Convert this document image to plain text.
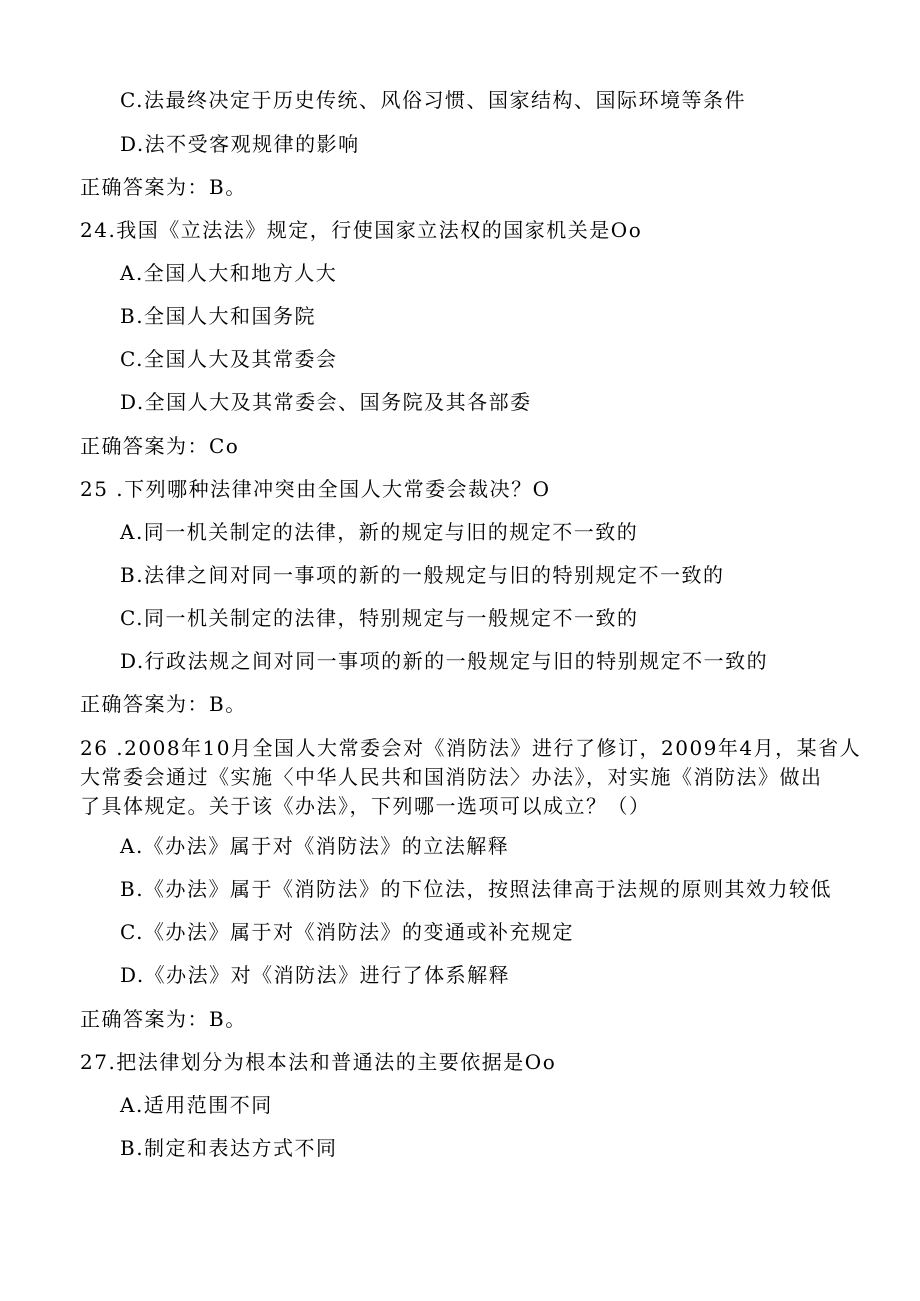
C.法最终决定于历史传统、风俗习惯、国家结构、国际环境等条件
D.法不受客观规律的影响
正确答案为：B。
24.我国《立法法》规定，行使国家立法权的国家机关是Oo
A.全国人大和地方人大
B.全国人大和国务院
C.全国人大及其常委会
D.全国人大及其常委会、国务院及其各部委
正确答案为：Co
25 .下列哪种法律冲突由全国人大常委会裁决？O
A.同一机关制定的法律，新的规定与旧的规定不一致的
B.法律之间对同一事项的新的一般规定与旧的特别规定不一致的
C.同一机关制定的法律，特别规定与一般规定不一致的
D.行政法规之间对同一事项的新的一般规定与旧的特别规定不一致的
正确答案为：B。
26 .2008年10月全国人大常委会对《消防法》进行了修订，2009年4月，某省人
大常委会通过《实施〈中华人民共和国消防法〉办法》，对实施《消防法》做出
了具体规定。关于该《办法》，下列哪一选项可以成立？（）
A.《办法》属于对《消防法》的立法解释
B.《办法》属于《消防法》的下位法，按照法律高于法规的原则其效力较低
C.《办法》属于对《消防法》的变通或补充规定
D.《办法》对《消防法》进行了体系解释
正确答案为：B。
27.把法律划分为根本法和普通法的主要依据是Oo
A.适用范围不同
B.制定和表达方式不同
